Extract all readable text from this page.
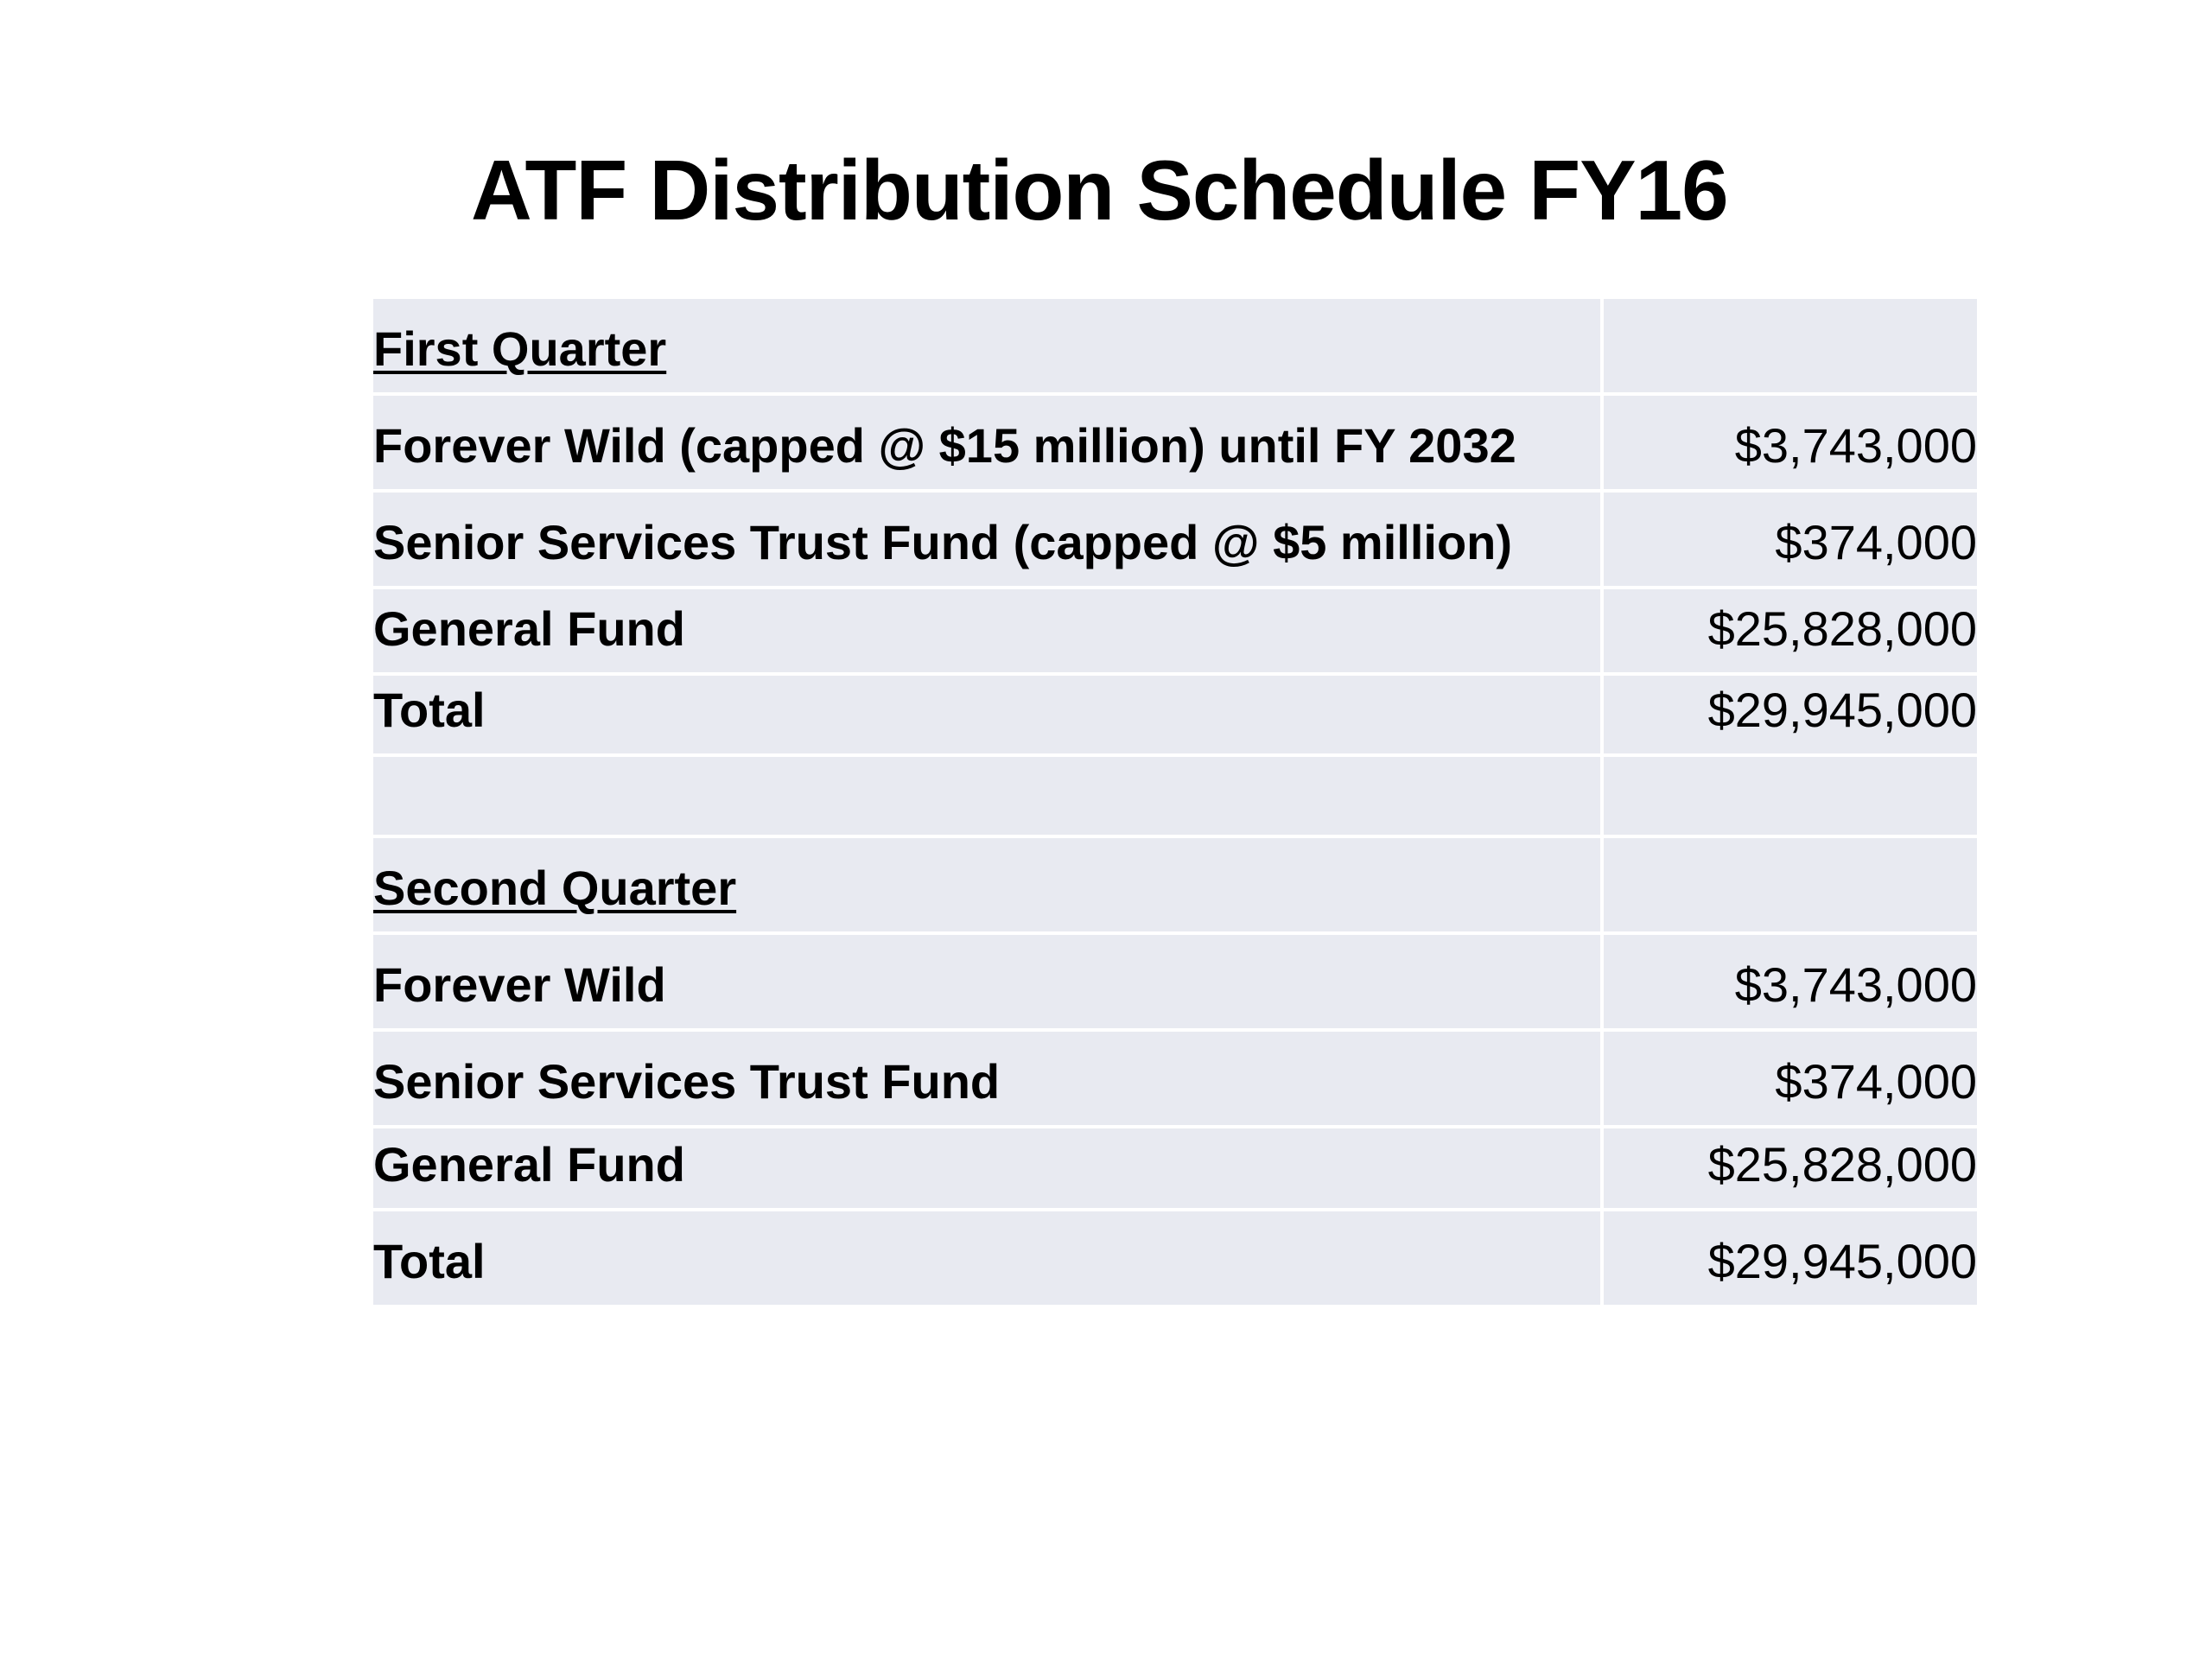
ATF Distribution Schedule FY16
First Quarter	
Forever Wild (capped @ $15 million) until FY 2032	$3,743,000
Senior Services Trust Fund (capped @ $5 million)	$374,000
General Fund	$25,828,000
Total	$29,945,000

Second Quarter	
Forever Wild	$3,743,000
Senior Services Trust Fund	$374,000
General Fund	$25,828,000
Total	$29,945,000
